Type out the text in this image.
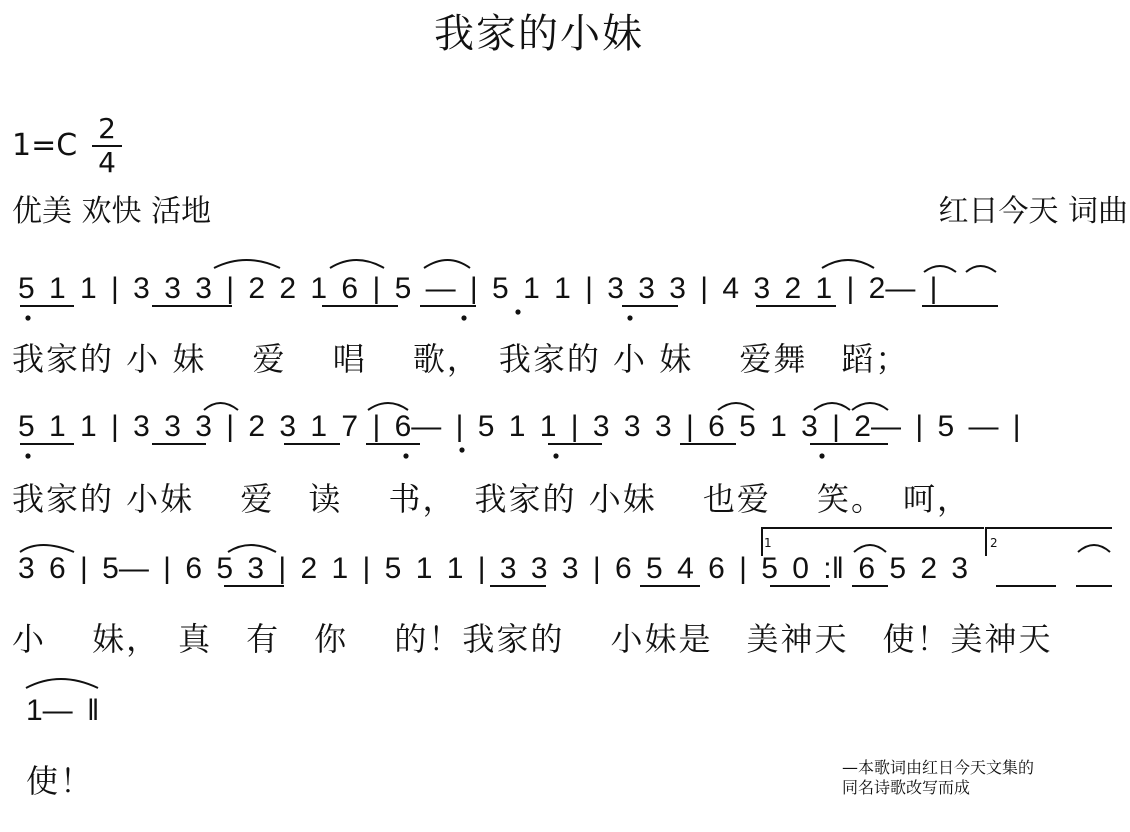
我家的小妹
1=C 2
4
优美 欢快 活地	红日今天 词曲
5 1 1 | 3 3 3 | 2 2 1 6 | 5 — | 5 1 1 | 3 3 3 | 4 3 2 1 | 2— |
5 1 1 | 3 3 3 | 2 3 1 7 | 6— | 5 1 1 | 3 3 3 | 6 5 1 3 | 2— | 5 — |
3 6 | 5— | 6 5 3 | 2 1 | 5 1 1 | 3 3 3 | 6 5 4 6 | 5 0 :‖ 6 5 2 3
1— ‖
我家的 小 妹　 爱　 唱　 歌，　我家的 小 妹　 爱舞　蹈；
我家的 小妹　 爱　读　 书，　我家的 小妹　 也爱　 笑。　呵，
小　 妹，　真　有　你　 的！我家的　 小妹是　美神天　使！美神天
使！
1	2
—本歌词由红日今天文集的
同名诗歌改写而成
